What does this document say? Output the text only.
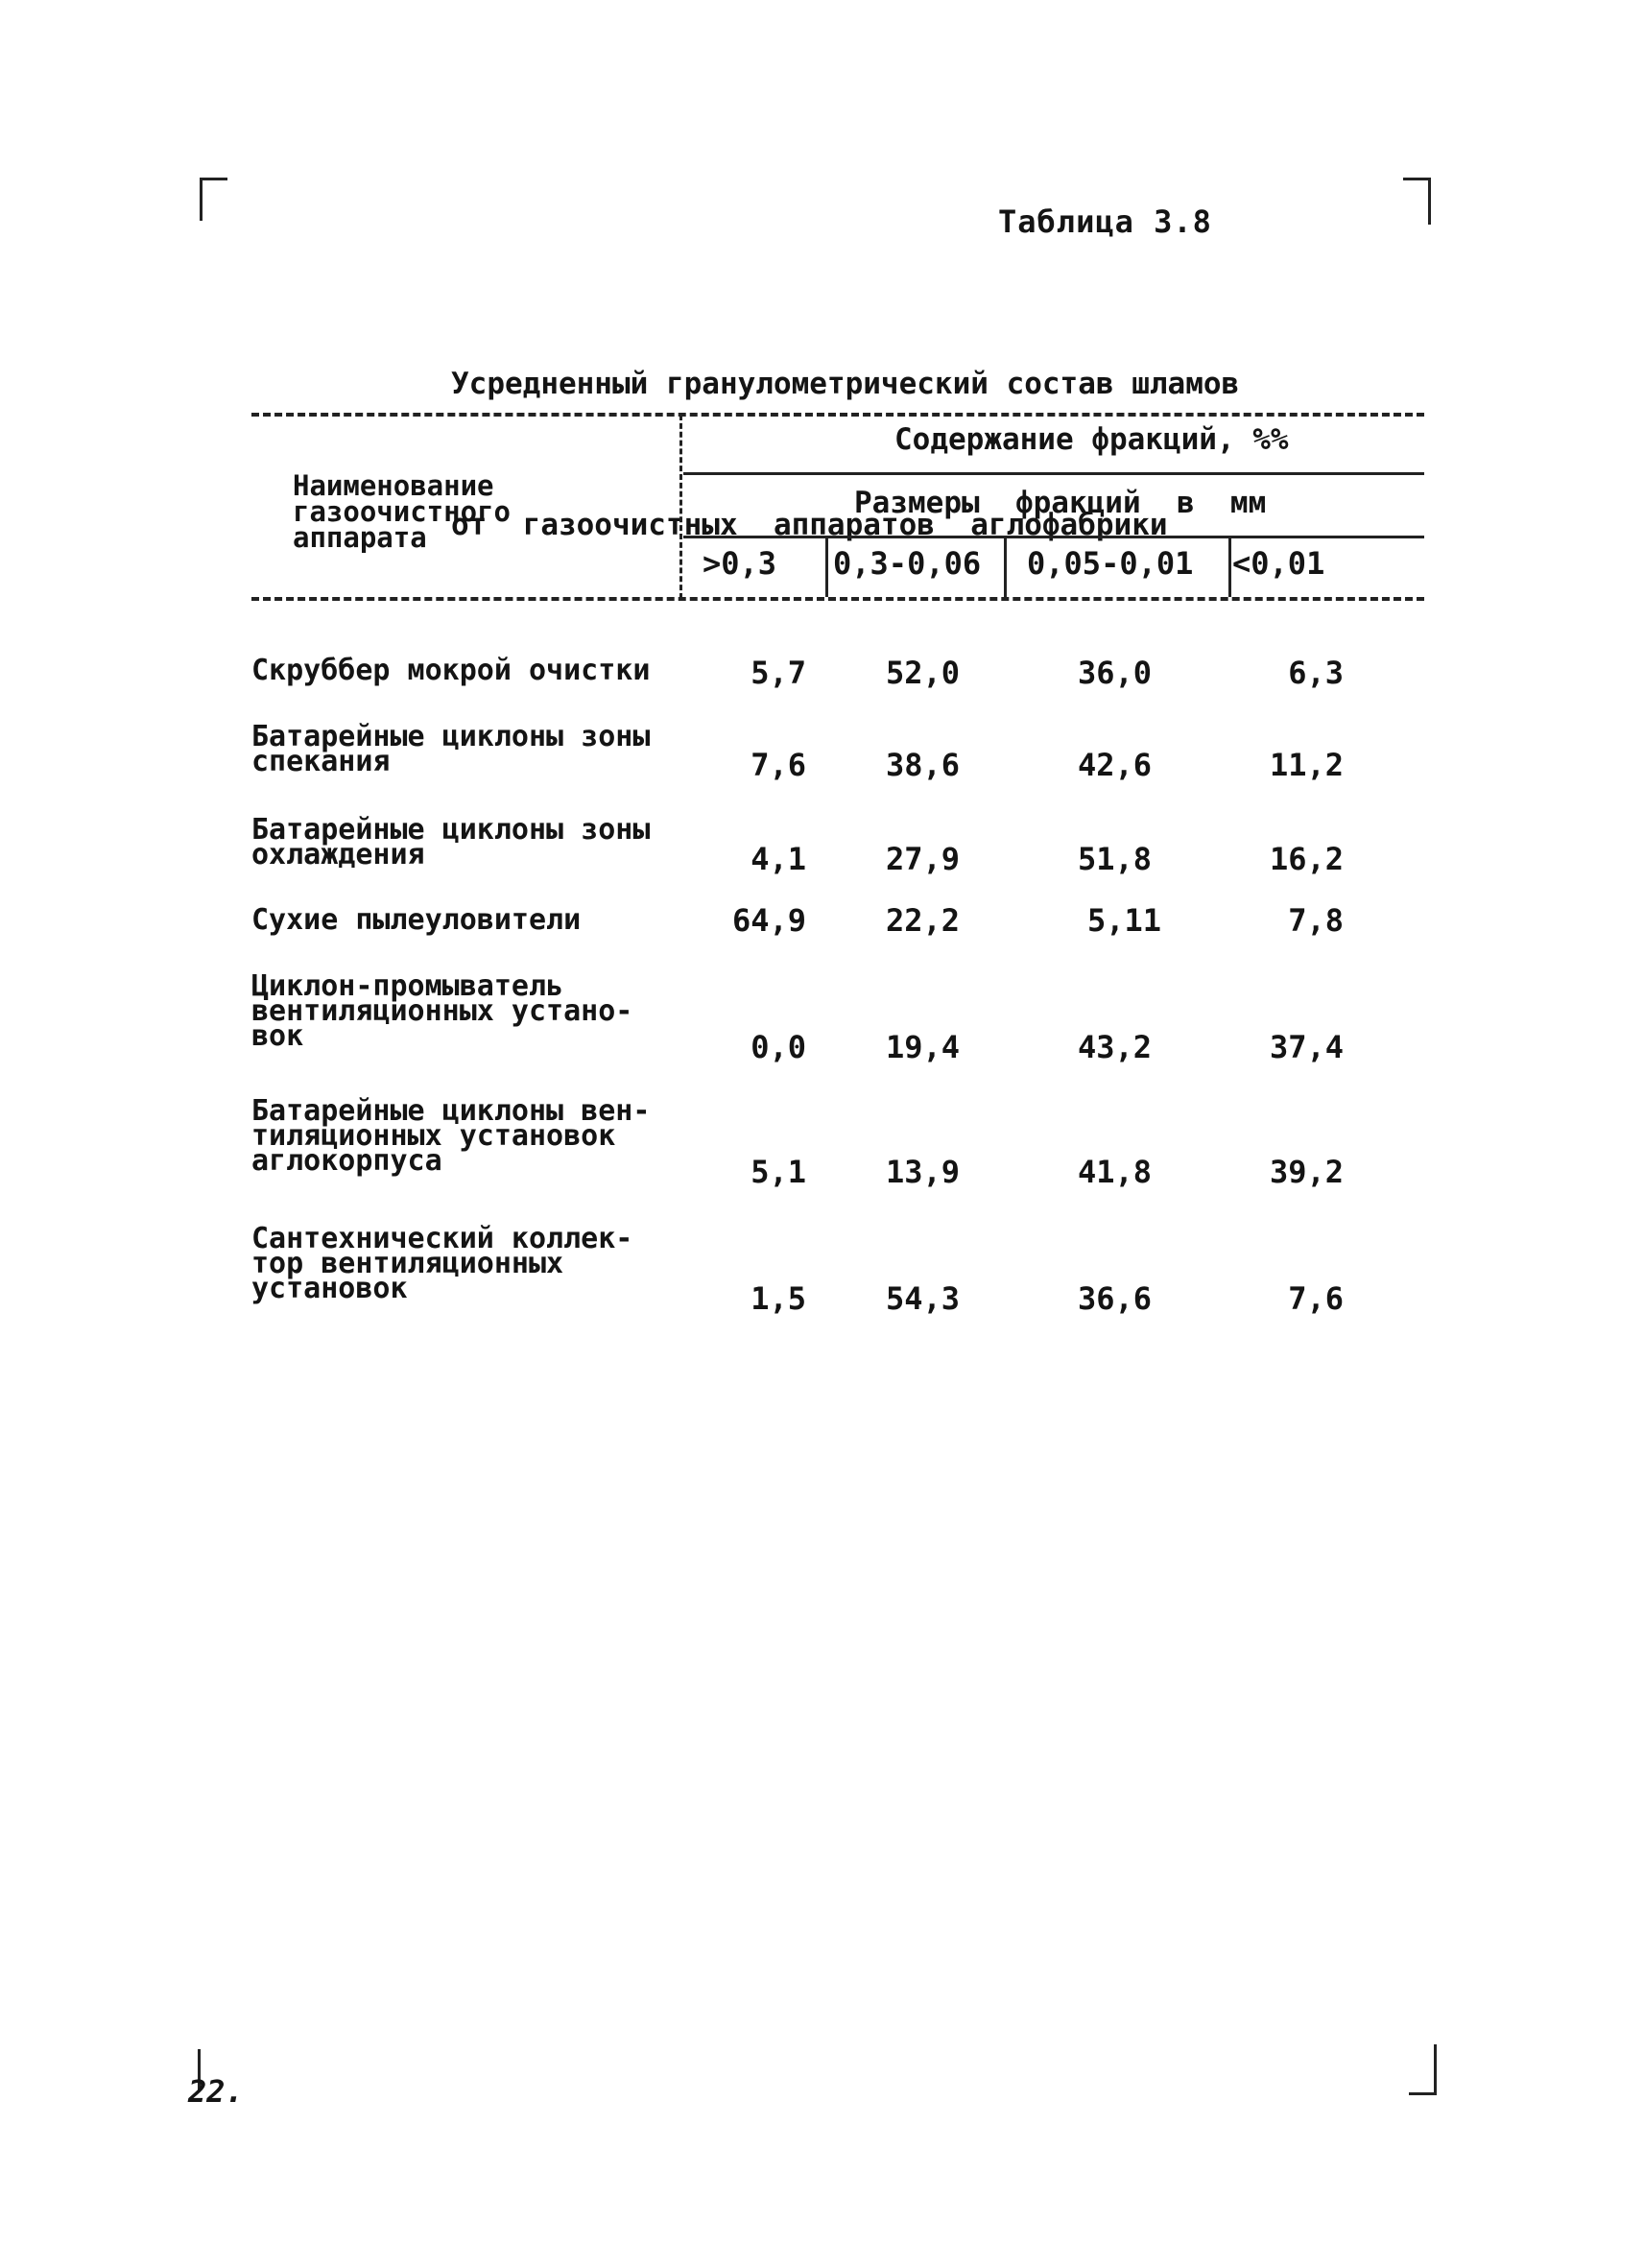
Таблица 3.8

Усредненный гранулометрический состав шламов

от  газоочистных  аппаратов  аглофабрики

Наименование
газоочистного
аппарата
Содержание фракций, %%
Размеры  фракций  в  мм
>0,3 0,3-0,06 0,05-0,01 <0,01
Скруббер мокрой очистки	5,7	52,0	36,0	6,3
Батарейные циклоны зоны
спекания	7,6	38,6	42,6	11,2
Батарейные циклоны зоны
охлаждения	4,1	27,9	51,8	16,2
Сухие пылеуловители	64,9	22,2	5,11	7,8
Циклон-промыватель
вентиляционных устано-
вок	0,0	19,4	43,2	37,4
Батарейные циклоны вен-
тиляционных установок
аглокорпуса	5,1	13,9	41,8	39,2
Сантехнический коллек-
тор вентиляционных
установок	1,5	54,3	36,6	7,6
22.
